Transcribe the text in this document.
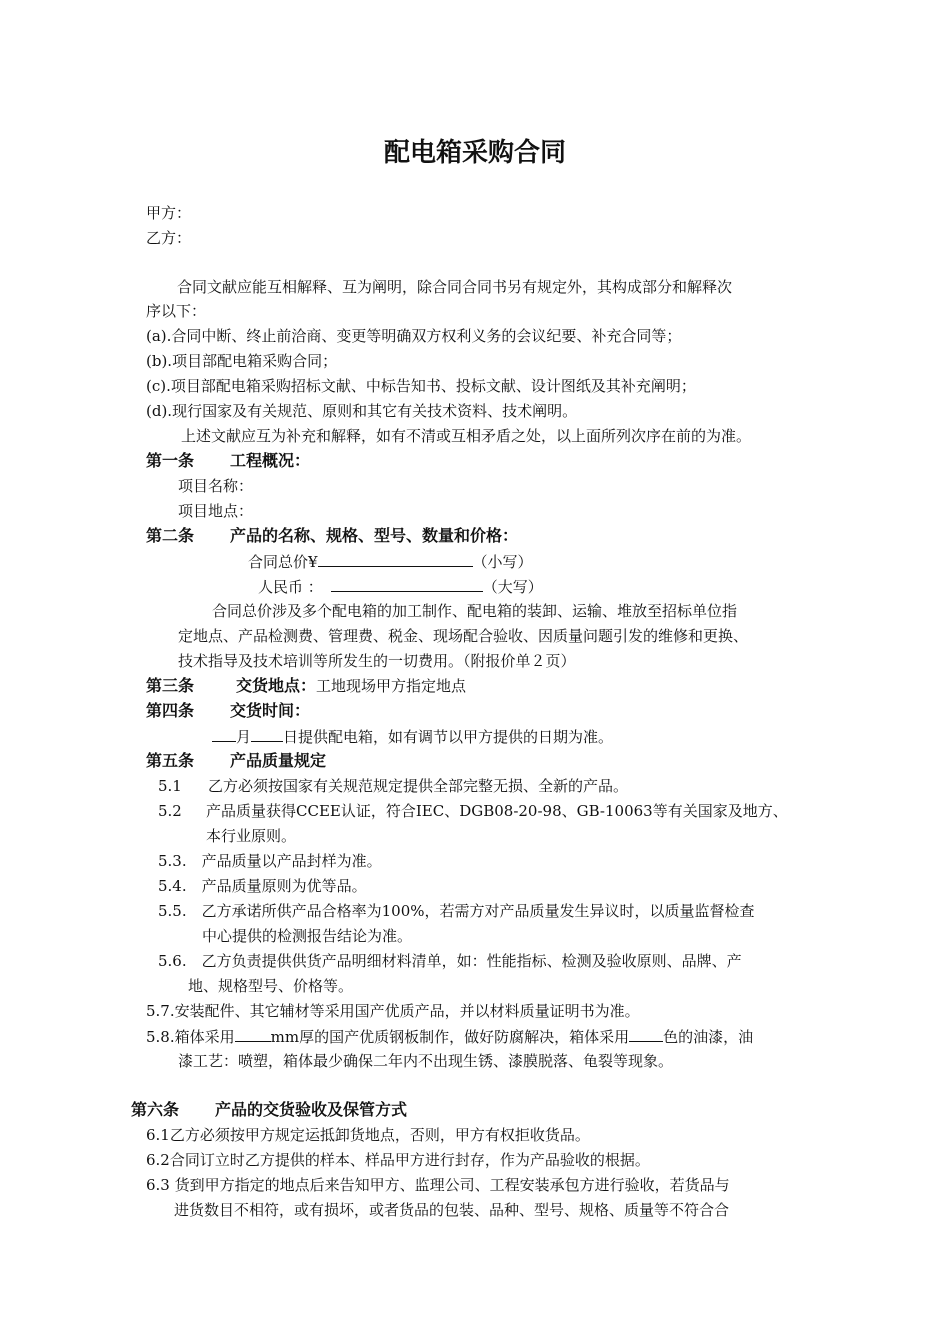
配电箱采购合同
甲方：
乙方：
合同文献应能互相解释、互为阐明，除合同合同书另有规定外，其构成部分和解释次
序以下：
(a).合同中断、终止前洽商、变更等明确双方权利义务的会议纪要、补充合同等；
(b).项目部配电箱采购合同；
(c).项目部配电箱采购招标文献、中标告知书、投标文献、设计图纸及其补充阐明；
(d).现行国家及有关规范、原则和其它有关技术资料、技术阐明。
上述文献应互为补充和解释，如有不清或互相矛盾之处，以上面所列次序在前的为准。
第一条 工程概况：
项目名称：
项目地点：
第二条 产品的名称、规格、型号、数量和价格：
合同总价¥	（小写）
人民币 ：	（大写）
合同总价涉及多个配电箱的加工制作、配电箱的装卸、运输、堆放至招标单位指
定地点、产品检测费、管理费、税金、现场配合验收、因质量问题引发的维修和更换、
技术指导及技术培训等所发生的一切费用。（附报价单２页）
第三条	交货地点：工地现场甲方指定地点
第四条 交货时间：
月 日提供配电箱，如有调节以甲方提供的日期为准。
第五条 产品质量规定
5.1 乙方必须按国家有关规范规定提供全部完整无损、全新的产品。
5.2 产品质量获得CCEE认证，符合IEC、DGB08-20-98、GB-10063等有关国家及地方、
本行业原则。
5.3.　产品质量以产品封样为准。
5.4.　产品质量原则为优等品。
5.5.　乙方承诺所供产品合格率为100%，若需方对产品质量发生异议时，以质量监督检查
中心提供的检测报告结论为准。
5.6.　乙方负责提供供货产品明细材料清单，如：性能指标、检测及验收原则、品牌、产
地、规格型号、价格等。
5.7.安装配件、其它辅材等采用国产优质产品，并以材料质量证明书为准。
5.8.箱体采用 mm厚的国产优质钢板制作，做好防腐解决，箱体采用 色的油漆，油
漆工艺：喷塑，箱体最少确保二年内不出现生锈、漆膜脱落、龟裂等现象。
第六条 产品的交货验收及保管方式
6.1乙方必须按甲方规定运抵卸货地点，否则，甲方有权拒收货品。
6.2合同订立时乙方提供的样本、样品甲方进行封存，作为产品验收的根据。
6.3 货到甲方指定的地点后来告知甲方、监理公司、工程安装承包方进行验收，若货品与
进货数目不相符，或有损坏，或者货品的包装、品种、型号、规格、质量等不符合合
